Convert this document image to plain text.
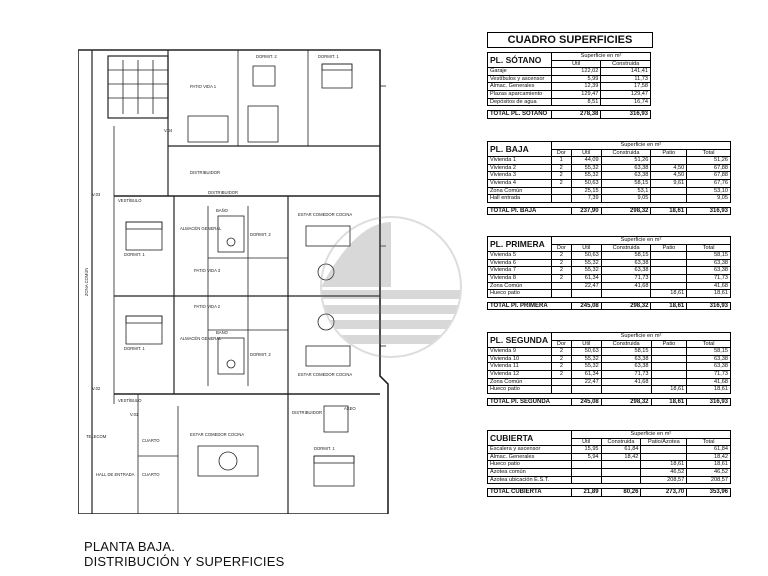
V.04
V.03
V.02
V.01
PATIO VIDA 1
PATIO VIDA 3
PATIO VIDA 2
DORMIT. 1
DORMIT. 2
DORMIT. 1
DORMIT. 1
DORMIT. 2
DORMIT. 2
ESTAR COMEDOR COCINA
ESTAR COMEDOR COCINA
ESTAR COMEDOR COCINA
DISTRIBUIDOR
DISTRIBUIDOR
DISTRIBUIDOR
BAÑO
BAÑO
ALMACÉN GENERAL
ALMACÉN GENERAL
VESTÍBULO
VESTÍBULO
TELECOM
HALL DE ENTRADA
CUARTO
CUARTO
ASEO
DORMIT. 1
ZONA COMÚN
CUADRO SUPERFICIES
PL. SÓTANO	Superficie en m²	
	Útil	Construida
Garaje	122,02	141,41
Vestíbulos y ascensor	5,99	11,73
Almac. Generales	12,39	17,58
Plazas aparcamiento	129,47	129,47
Depósitos de agua	8,51	16,74

TOTAL PL. SÓTANO	278,38	316,93
PL. BAJA	Superficie en m²				
	Dor	Útil	Construida	Patio	Total
Vivienda 1	1	44,09	51,26		51,26
Vivienda 2	2	55,32	63,38	4,50	67,88
Vivienda 3	2	55,32	63,38	4,50	67,88
Vivienda 4	2	50,63	58,15	9,61	67,76
Zona Común		25,15	53,1		53,10
Hall entrada		7,39	9,05		9,05

TOTAL Pl. BAJA		237,90	298,32	18,61	316,93
PL. PRIMERA	Superficie en m²				
	Dor	Útil	Construida	Patio	Total
Vivienda 5	2	50,63	58,15		58,15
Vivienda 6	2	55,32	63,38		63,38
Vivienda 7	2	55,32	63,38		63,38
Vivienda 8	2	61,34	71,73		71,73
Zona Común		22,47	41,68		41,68
Hueco patio				18,61	18,61

TOTAL Pl. PRIMERA		245,08	298,32	18,61	316,93
PL. SEGUNDA	Superficie en m²				
	Dor	Útil	Construida	Patio	Total
Vivienda 9	2	50,63	58,15		58,15
Vivienda 10	2	55,32	63,38		63,38
Vivienda 11	2	55,32	63,38		63,38
Vivienda 12	2	61,34	71,73		71,73
Zona Común		22,47	41,68		41,68
Hueco patio				18,61	18,61

TOTAL Pl. SEGUNDA		245,08	298,32	18,61	316,93
CUBIERTA	Superficie en m²			
	Útil	Construida	Patio/Azotea	Total
Escalera y ascensor	15,95	61,84		61,84
Almac. Generales	5,94	18,42		18,42
Hueco patio			18,61	18,61
Azotea común			46,52	46,52
Azotea ubicación E.S.T.			208,57	208,57

TOTAL CUBIERTA	21,89	80,26	273,70	353,96
PLANTA BAJA.
DISTRIBUCIÓN Y SUPERFICIES
